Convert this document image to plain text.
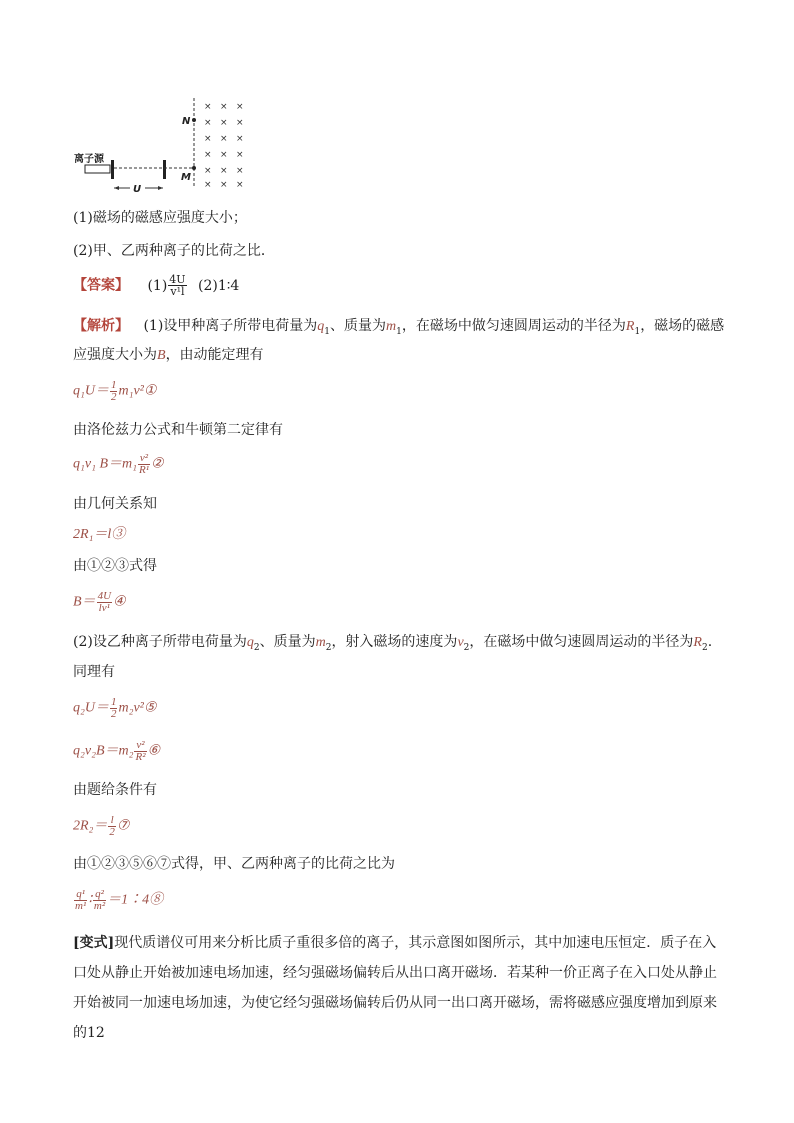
× × ×
× × ×
× × ×
× × ×
× × ×
× × ×
N
M
离子源
U
(1)磁场的磁感应强度大小；
(2)甲、乙两种离子的比荷之比．
【答案】 $(1) \frac{4U}{\text{v¹l}}$ (2)1∶4
【解析】 (1)设甲种离子所带电荷量为$q_1$、质量为$m_1$，在磁场中做匀速圆周运动的半径为$R_1$，磁场的磁感
应强度大小为B，由动能定理有
$q_1U= \frac{1}{2}$ m₁v²①
由洛伦兹力公式和牛顿第二定律有
q₁v₁ $B=m_1 \frac{\text{v²}}{\text{R¹}}$ ②
由几何关系知
2R₁＝l③
由①②③式得
$B= \frac{4U}{\text{lv¹}}$ ④
(2)设乙种离子所带电荷量为$q_2$、质量为$m_2$，射入磁场的速度为$v_2$，在磁场中做匀速圆周运动的半径为$R_2$.
同理有
$q_2U= \frac{1}{2}$ m₂v²⑤
$q_2v_2B=m_2 \frac{\text{v²}}{\text{R²}}$ ⑥
由题给条件有
$2R_2= \frac{l}{2}$ ⑦
由①②③⑤⑥⑦式得，甲、乙两种离子的比荷之比为
$\frac{\text{q¹}}{\text{m¹}}$ ∶ $\frac{\text{q²}}{\text{m²}}$ ＝1∶4⑧
[变式]现代质谱仪可用来分析比质子重很多倍的离子，其示意图如图所示，其中加速电压恒定．质子在入口处从静止开始被加速电场加速，经匀强磁场偏转后从出口离开磁场．若某种一价正离子在入口处从静止开始被同一加速电场加速，为使它经匀强磁场偏转后仍从同一出口离开磁场，需将磁感应强度增加到原来的12
